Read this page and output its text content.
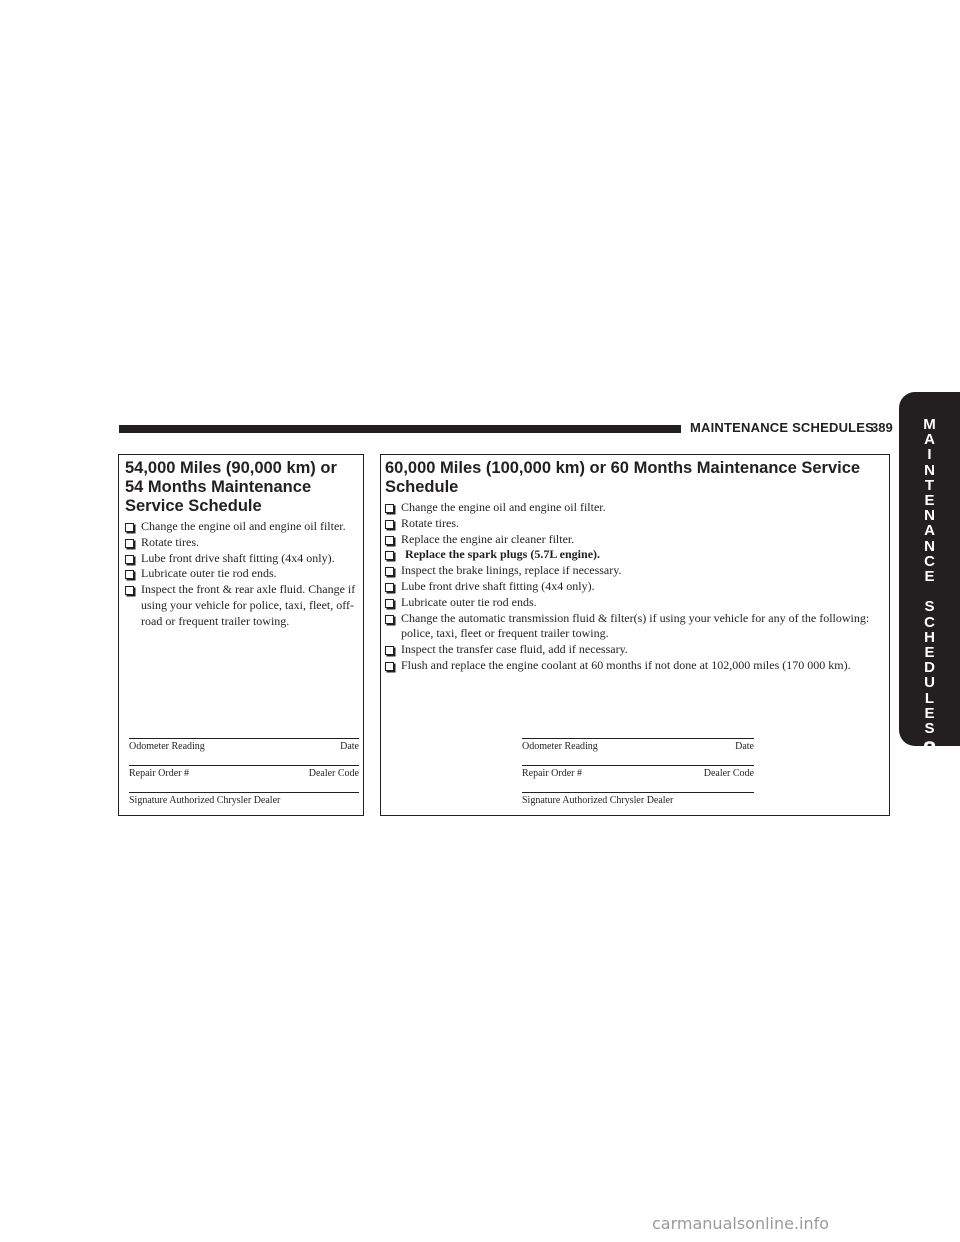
MAINTENANCE SCHEDULES
389	M
A
I
N
T
E
N
A
N
C
E

S
C
H
E
D
U
L
E
S
8
54,000 Miles (90,000 km) or 54 Months Maintenance Service Schedule
Change the engine oil and engine oil filter.
Rotate tires.
Lube front drive shaft fitting (4x4 only).
Lubricate outer tie rod ends.
Inspect the front & rear axle fluid. Change if using your vehicle for police, taxi, fleet, off-road or frequent trailer towing.
Odometer Reading	Date
Repair Order #	Dealer Code
Signature Authorized Chrysler Dealer
60,000 Miles (100,000 km) or 60 Months Maintenance Service Schedule
Change the engine oil and engine oil filter.
Rotate tires.
Replace the engine air cleaner filter.
Replace the spark plugs (5.7L engine).
Inspect the brake linings, replace if necessary.
Lube front drive shaft fitting (4x4 only).
Lubricate outer tie rod ends.
Change the automatic transmission fluid & filter(s) if using your vehicle for any of the following: police, taxi, fleet or frequent trailer towing.
Inspect the transfer case fluid, add if necessary.
Flush and replace the engine coolant at 60 months if not done at 102,000 miles (170 000 km).
Odometer Reading	Date
Repair Order #	Dealer Code
Signature Authorized Chrysler Dealer
carmanualsonline.info
